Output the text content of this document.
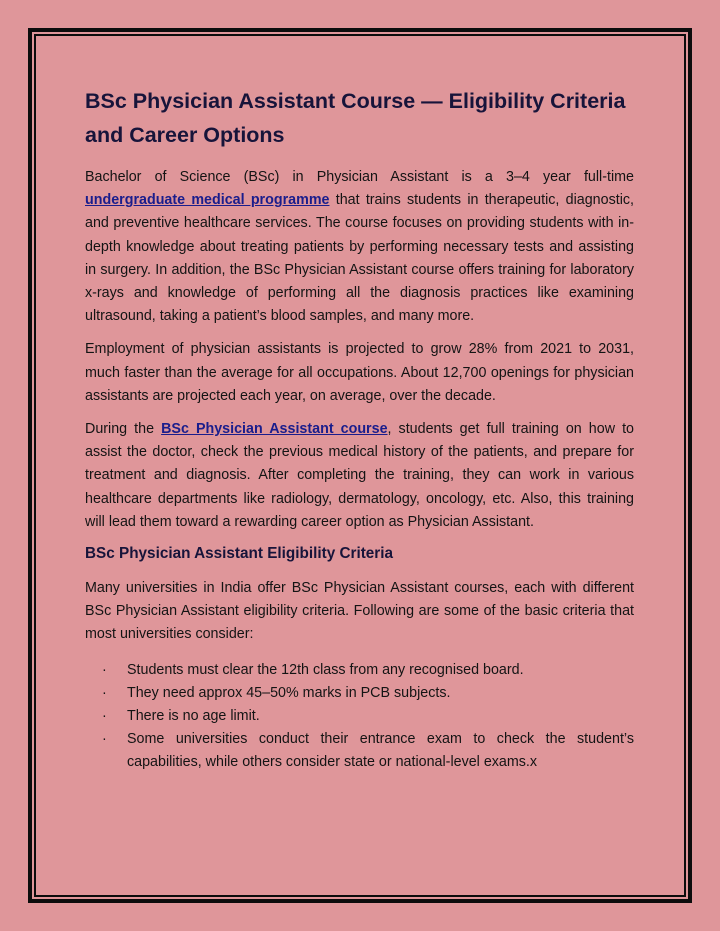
BSc Physician Assistant Course — Eligibility Criteria and Career Options

Bachelor of Science (BSc) in Physician Assistant is a 3–4 year full-time undergraduate medical programme that trains students in therapeutic, diagnostic, and preventive healthcare services. The course focuses on providing students with in-depth knowledge about treating patients by performing necessary tests and assisting in surgery. In addition, the BSc Physician Assistant course offers training for laboratory x-rays and knowledge of performing all the diagnosis practices like examining ultrasound, taking a patient’s blood samples, and many more.

Employment of physician assistants is projected to grow 28% from 2021 to 2031, much faster than the average for all occupations. About 12,700 openings for physician assistants are projected each year, on average, over the decade.

During the BSc Physician Assistant course, students get full training on how to assist the doctor, check the previous medical history of the patients, and prepare for treatment and diagnosis. After completing the training, they can work in various healthcare departments like radiology, dermatology, oncology, etc. Also, this training will lead them toward a rewarding career option as Physician Assistant.

BSc Physician Assistant Eligibility Criteria

Many universities in India offer BSc Physician Assistant courses, each with different BSc Physician Assistant eligibility criteria. Following are some of the basic criteria that most universities consider:

· Students must clear the 12th class from any recognised board.
· They need approx 45–50% marks in PCB subjects.
· There is no age limit.
· Some universities conduct their entrance exam to check the student’s capabilities, while others consider state or national-level exams.x
